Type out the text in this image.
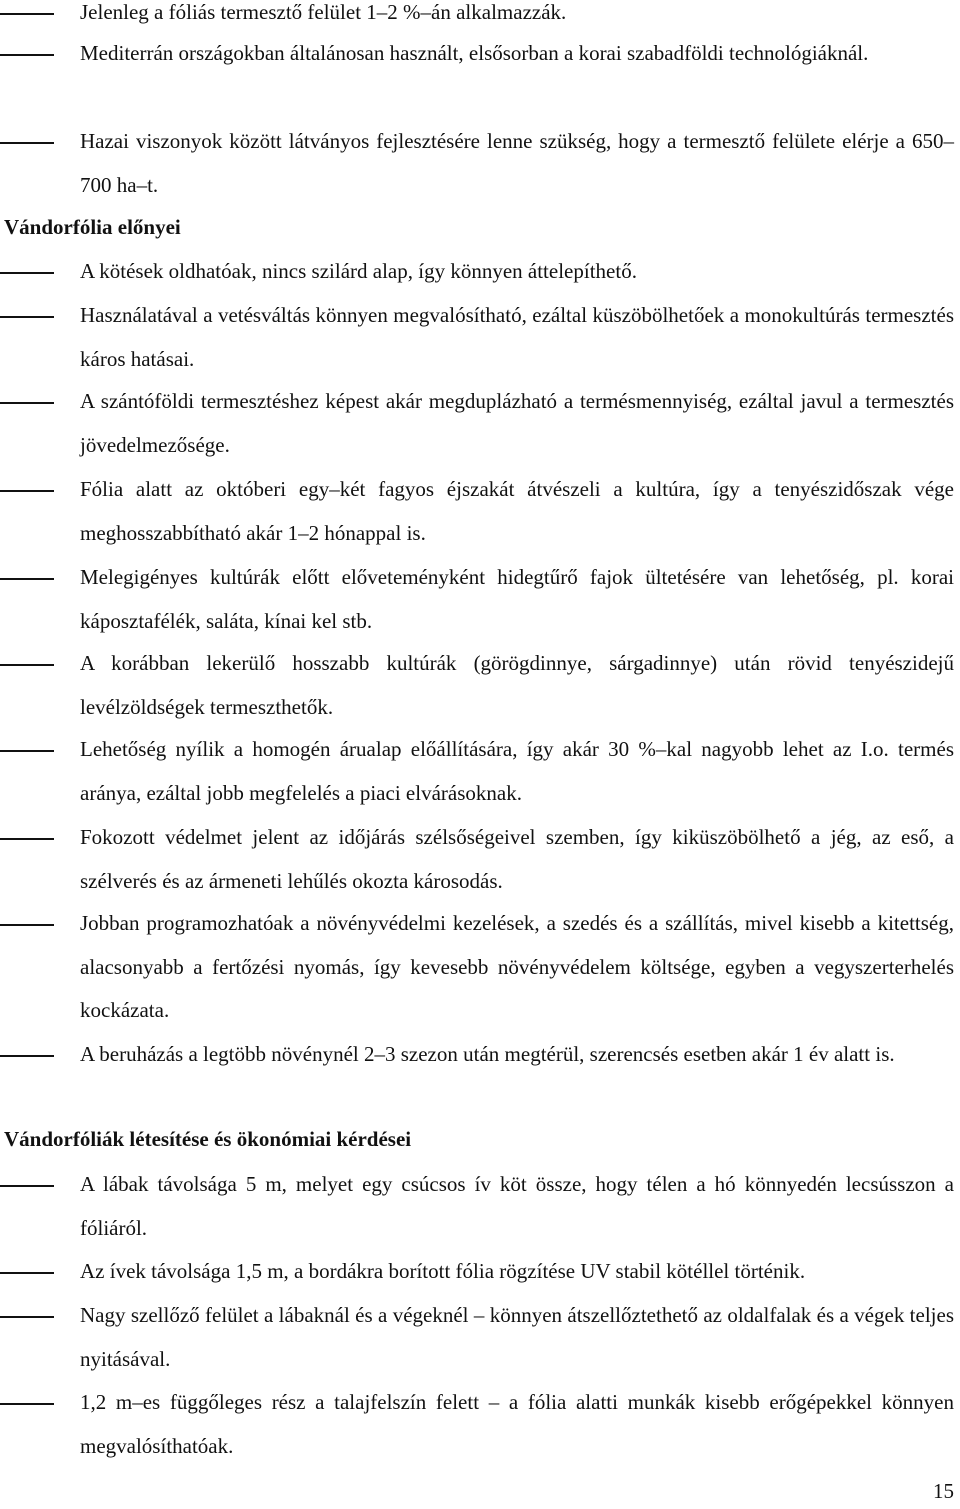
Jelenleg a fóliás termesztő felület 1‒2 %‒án alkalmazzák.
Mediterrán országokban általánosan használt, elsősorban a korai szabadföldi technológiáknál.
Hazai viszonyok között látványos fejlesztésére lenne szükség, hogy a termesztő felülete elérje a 650‒700 ha‒t.
Vándorfólia előnyei
A kötések oldhatóak, nincs szilárd alap, így könnyen áttelepíthető.
Használatával a vetésváltás könnyen megvalósítható, ezáltal küszöbölhetőek a monokultúrás termesztés káros hatásai.
A szántóföldi termesztéshez képest akár megduplázható a termésmennyiség, ezáltal javul a termesztés jövedelmezősége.
Fólia alatt az októberi egy‒két fagyos éjszakát átvészeli a kultúra, így a tenyészidőszak vége meghosszabbítható akár 1‒2 hónappal is.
Melegigényes kultúrák előtt előveteményként hidegtűrő fajok ültetésére van lehetőség, pl. korai káposztafélék, saláta, kínai kel stb.
A korábban lekerülő hosszabb kultúrák (görögdinnye, sárgadinnye) után rövid tenyészidejű levélzöldségek termeszthetők.
Lehetőség nyílik a homogén árualap előállítására, így akár 30 %‒kal nagyobb lehet az I.o. termés aránya, ezáltal jobb megfelelés a piaci elvárásoknak.
Fokozott védelmet jelent az időjárás szélsőségeivel szemben, így kiküszöbölhető a jég, az eső, a szélverés és az ármeneti lehűlés okozta károsodás.
Jobban programozhatóak a növényvédelmi kezelések, a szedés és a szállítás, mivel kisebb a kitettség, alacsonyabb a fertőzési nyomás, így kevesebb növényvédelem költsége, egyben a vegyszerterhelés kockázata.
A beruházás a legtöbb növénynél 2‒3 szezon után megtérül, szerencsés esetben akár 1 év alatt is.
Vándorfóliák létesítése és ökonómiai kérdései
A lábak távolsága 5 m, melyet egy csúcsos ív köt össze, hogy télen a hó könnyedén lecsússzon a fóliáról.
Az ívek távolsága 1,5 m, a bordákra borított fólia rögzítése UV stabil kötéllel történik.
Nagy szellőző felület a lábaknál és a végeknél ‒ könnyen átszellőztethető az oldalfalak és a végek teljes nyitásával.
1,2 m‒es függőleges rész a talajfelszín felett ‒ a fólia alatti munkák kisebb erőgépekkel könnyen megvalósíthatóak.
15
